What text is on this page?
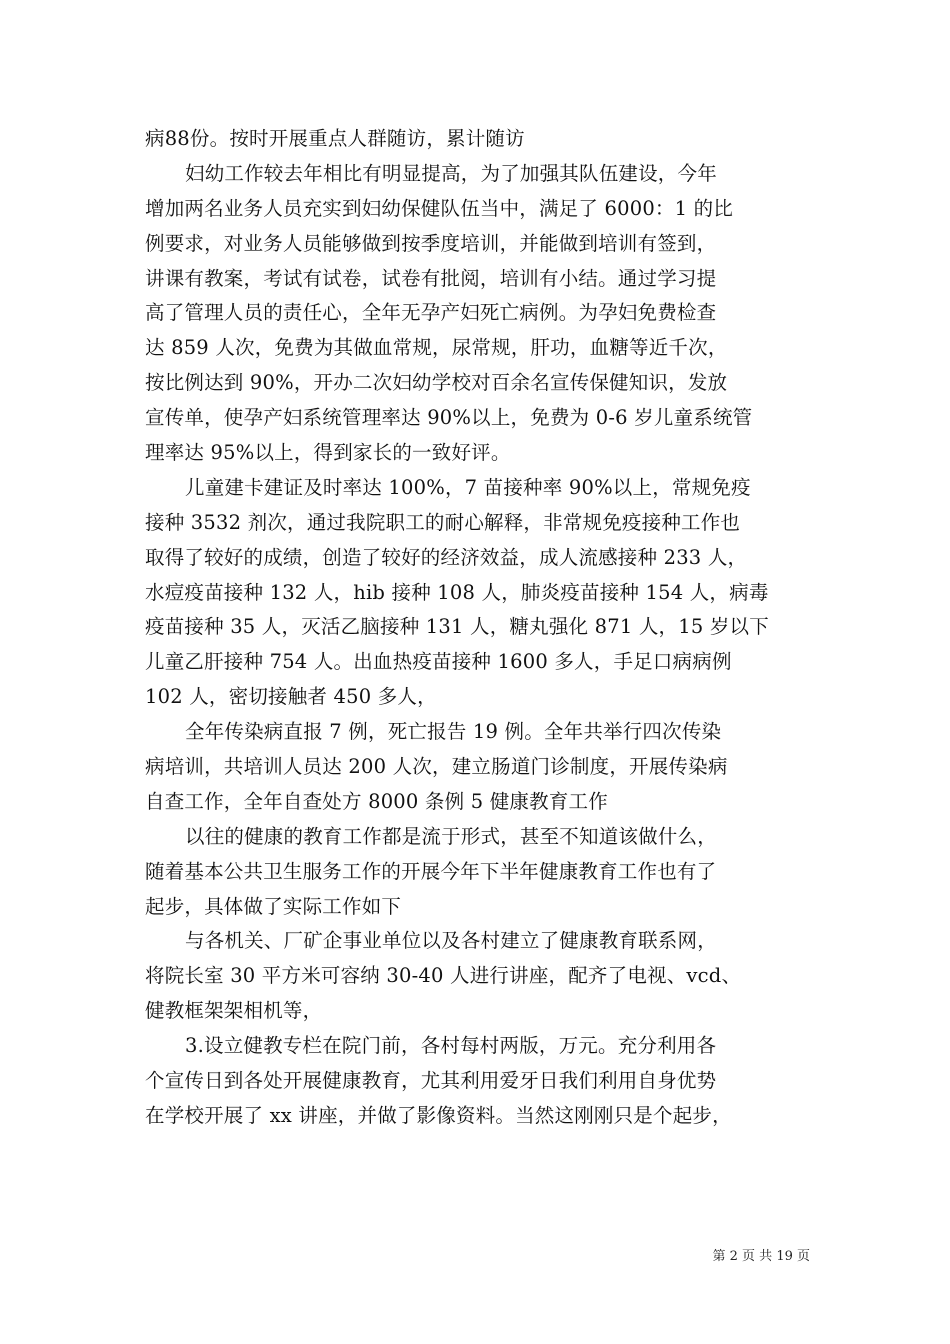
病88份。按时开展重点人群随访，累计随访
妇幼工作较去年相比有明显提高，为了加强其队伍建设，今年
增加两名业务人员充实到妇幼保健队伍当中，满足了 6000：1 的比
例要求，对业务人员能够做到按季度培训，并能做到培训有签到，
讲课有教案，考试有试卷，试卷有批阅，培训有小结。通过学习提
高了管理人员的责任心，全年无孕产妇死亡病例。为孕妇免费检查
达 859 人次，免费为其做血常规，尿常规，肝功，血糖等近千次，
按比例达到 90%，开办二次妇幼学校对百余名宣传保健知识，发放
宣传单，使孕产妇系统管理率达 90%以上，免费为 0-6 岁儿童系统管
理率达 95%以上，得到家长的一致好评。
儿童建卡建证及时率达 100%，7 苗接种率 90%以上，常规免疫
接种 3532 剂次，通过我院职工的耐心解释，非常规免疫接种工作也
取得了较好的成绩，创造了较好的经济效益，成人流感接种 233 人，
水痘疫苗接种 132 人，hib 接种 108 人，肺炎疫苗接种 154 人，病毒
疫苗接种 35 人，灭活乙脑接种 131 人，糖丸强化 871 人，15 岁以下
儿童乙肝接种 754 人。出血热疫苗接种 1600 多人，手足口病病例
102 人，密切接触者 450 多人，
全年传染病直报 7 例，死亡报告 19 例。全年共举行四次传染
病培训，共培训人员达 200 人次，建立肠道门诊制度，开展传染病
自查工作，全年自查处方 8000 条例 5 健康教育工作
以往的健康的教育工作都是流于形式，甚至不知道该做什么，
随着基本公共卫生服务工作的开展今年下半年健康教育工作也有了
起步，具体做了实际工作如下
与各机关、厂矿企事业单位以及各村建立了健康教育联系网，
将院长室 30 平方米可容纳 30-40 人进行讲座，配齐了电视、vcd、
健教框架架相机等，
3.设立健教专栏在院门前，各村每村两版，万元。充分利用各
个宣传日到各处开展健康教育，尤其利用爱牙日我们利用自身优势
在学校开展了 xx 讲座，并做了影像资料。当然这刚刚只是个起步，
第 2 页 共 19 页
